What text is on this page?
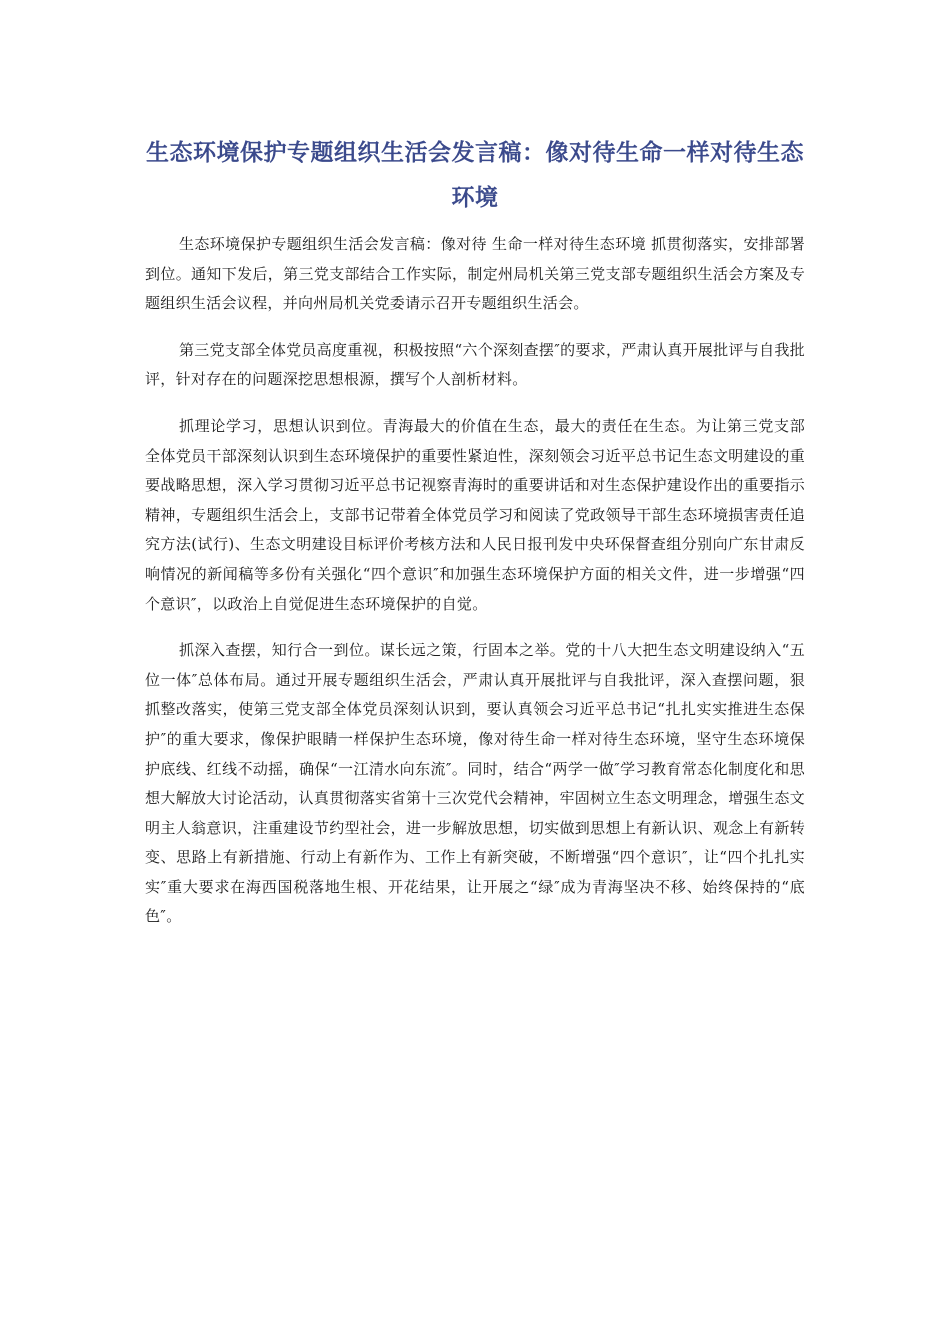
生态环境保护专题组织生活会发言稿：像对待生命一样对待生态环境

生态环境保护专题组织生活会发言稿：像对待 生命一样对待生态环境 抓贯彻落实，安排部署到位。通知下发后，第三党支部结合工作实际，制定州局机关第三党支部专题组织生活会方案及专题组织生活会议程，并向州局机关党委请示召开专题组织生活会。

第三党支部全体党员高度重视，积极按照“六个深刻查摆″的要求，严肃认真开展批评与自我批评，针对存在的问题深挖思想根源，撰写个人剖析材料。

抓理论学习，思想认识到位。青海最大的价值在生态，最大的责任在生态。为让第三党支部全体党员干部深刻认识到生态环境保护的重要性紧迫性，深刻领会习近平总书记生态文明建设的重要战略思想，深入学习贯彻习近平总书记视察青海时的重要讲话和对生态保护建设作出的重要指示精神，专题组织生活会上，支部书记带着全体党员学习和阅读了党政领导干部生态环境损害责任追究方法(试行)、生态文明建设目标评价考核方法和人民日报刊发中央环保督查组分别向广东甘肃反响情况的新闻稿等多份有关强化“四个意识″和加强生态环境保护方面的相关文件，进一步增强“四个意识″，以政治上自觉促进生态环境保护的自觉。

抓深入查摆，知行合一到位。谋长远之策，行固本之举。党的十八大把生态文明建设纳入“五位一体″总体布局。通过开展专题组织生活会，严肃认真开展批评与自我批评，深入查摆问题，狠抓整改落实，使第三党支部全体党员深刻认识到，要认真领会习近平总书记“扎扎实实推进生态保护″的重大要求，像保护眼睛一样保护生态环境，像对待生命一样对待生态环境，坚守生态环境保护底线、红线不动摇，确保“一江清水向东流″。同时，结合“两学一做″学习教育常态化制度化和思想大解放大讨论活动，认真贯彻落实省第十三次党代会精神，牢固树立生态文明理念，增强生态文明主人翁意识，注重建设节约型社会，进一步解放思想，切实做到思想上有新认识、观念上有新转变、思路上有新措施、行动上有新作为、工作上有新突破，不断增强“四个意识″，让“四个扎扎实实″重大要求在海西国税落地生根、开花结果，让开展之“绿″成为青海坚决不移、始终保持的“底色″。
